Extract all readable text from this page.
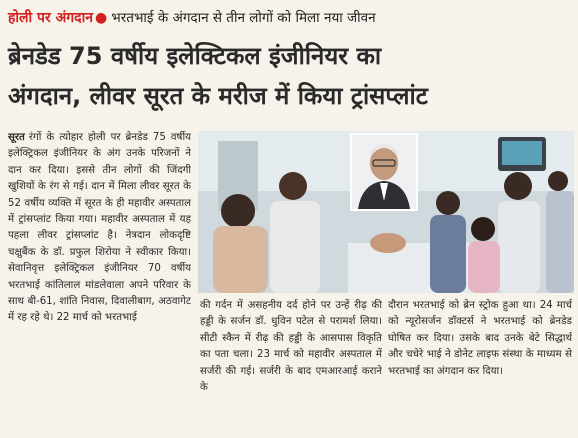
होली पर अंगदान ● भरतभाई के अंगदान से तीन लोगों को मिला नया जीवन
ब्रेनडेड 75 वर्षीय इलेक्टिकल इंजीनियर का
अंगदान, लीवर सूरत के मरीज में किया ट्रांसप्लांट
सूरत रंगों के त्योहार होली पर ब्रेनडेड 75 वर्षीय इलेक्ट्रिकल इंजीनियर के अंग उनके परिजनों ने दान कर दिया। इससे तीन लोगों की जिंदगी खुशियों के रंग से गई। दान में मिला लीवर सूरत के 52 वर्षीय व्यक्ति में सूरत के ही महावीर अस्पताल में ट्रांसप्लांट किया गया। महावीर अस्पताल में यह पहला लीवर ट्रांसप्लांट है। नेत्रदान लोकदृष्टि चक्षुबैंक के डॉ. प्रफुल शिरोया ने स्वीकार किया। सेवानिवृत्त इलेक्ट्रिकल इंजीनियर 70 वर्षीय भरतभाई कांतिलाल मांडलेवाला अपने परिवार के साथ बी-61, शांति निवास, दिवालीबाग, अठवागेट में रह रहे थे। 22 मार्च को भरतभाई
की गर्दन में असहनीय दर्द होने पर उन्हें रीढ़ की हड्डी के सर्जन डॉ. धुविन पटेल से परामर्श लिया। सीटी स्कैन में रीढ़ की हड्डी के आसपास विकृति का पता चला। 23 मार्च को महावीर अस्पताल में सर्जरी की गई। सर्जरी के बाद एमआरआई कराने के
दौरान भरतभाई को ब्रेन स्ट्रोक हुआ था। 24 मार्च को न्यूरोसर्जन डॉक्टर्स ने भरतभाई को ब्रेनडेड घोषित कर दिया। उसके बाद उनके बेटे सिद्धार्थ और चचेरे भाई ने डोनेट लाइफ संस्था के माध्यम से भरतभाई का अंगदान कर दिया।
